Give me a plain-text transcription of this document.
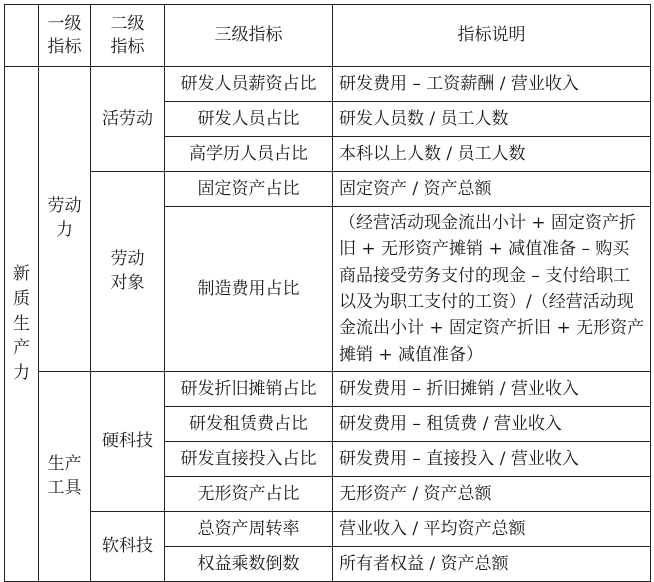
	一级指标	二级指标	三级指标	指标说明
新质生产力	劳动力	活劳动	研发人员薪资占比	研发费用 – 工资薪酬 / 营业收入
			研发人员占比	研发人员数 / 员工人数
			高学历人员占比	本科以上人数 / 员工人数
		劳动对象	固定资产占比	固定资产 / 资产总额
			制造费用占比	（经营活动现金流出小计 + 固定资产折旧 + 无形资产摊销 + 减值准备 – 购买商品接受劳务支付的现金 – 支付给职工以及为职工支付的工资）/（经营活动现金流出小计 + 固定资产折旧 + 无形资产摊销 + 减值准备）
	生产工具	硬科技	研发折旧摊销占比	研发费用 – 折旧摊销 / 营业收入
			研发租赁费占比	研发费用 – 租赁费 / 营业收入
			研发直接投入占比	研发费用 – 直接投入 / 营业收入
			无形资产占比	无形资产 / 资产总额
		软科技	总资产周转率	营业收入 / 平均资产总额
			权益乘数倒数	所有者权益 / 资产总额
